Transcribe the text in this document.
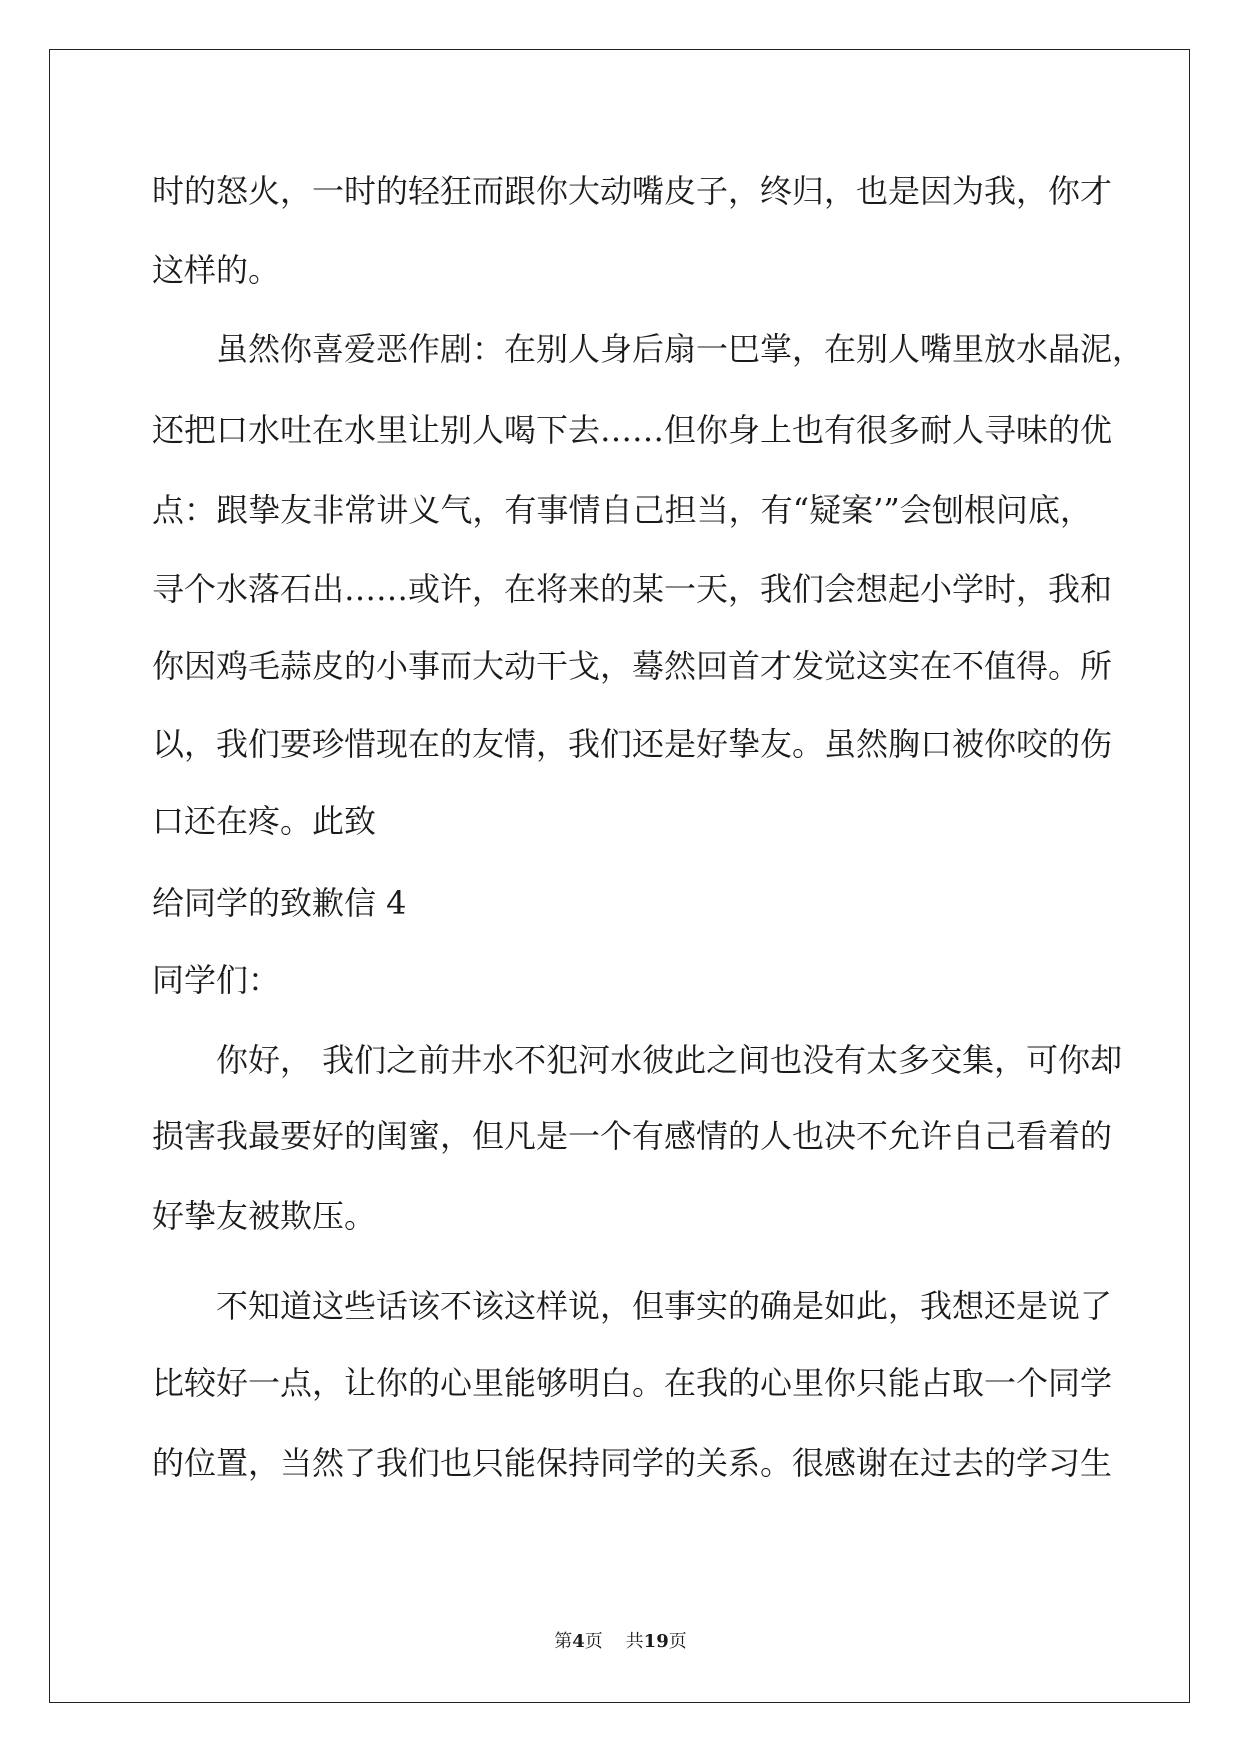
时的怒火，一时的轻狂而跟你大动嘴皮子，终归，也是因为我，你才

这样的。

虽然你喜爱恶作剧：在别人身后扇一巴掌，在别人嘴里放水晶泥，

还把口水吐在水里让别人喝下去……但你身上也有很多耐人寻味的优

点：跟挚友非常讲义气，有事情自己担当，有“疑案’”会刨根问底，

寻个水落石出……或许，在将来的某一天，我们会想起小学时，我和

你因鸡毛蒜皮的小事而大动干戈，蓦然回首才发觉这实在不值得。所

以，我们要珍惜现在的友情，我们还是好挚友。虽然胸口被你咬的伤

口还在疼。此致

给同学的致歉信 4

同学们：

你好， 我们之前井水不犯河水彼此之间也没有太多交集，可你却

损害我最要好的闺蜜，但凡是一个有感情的人也决不允许自己看着的

好挚友被欺压。

不知道这些话该不该这样说，但事实的确是如此，我想还是说了

比较好一点，让你的心里能够明白。在我的心里你只能占取一个同学

的位置，当然了我们也只能保持同学的关系。很感谢在过去的学习生

第4页 共19页
